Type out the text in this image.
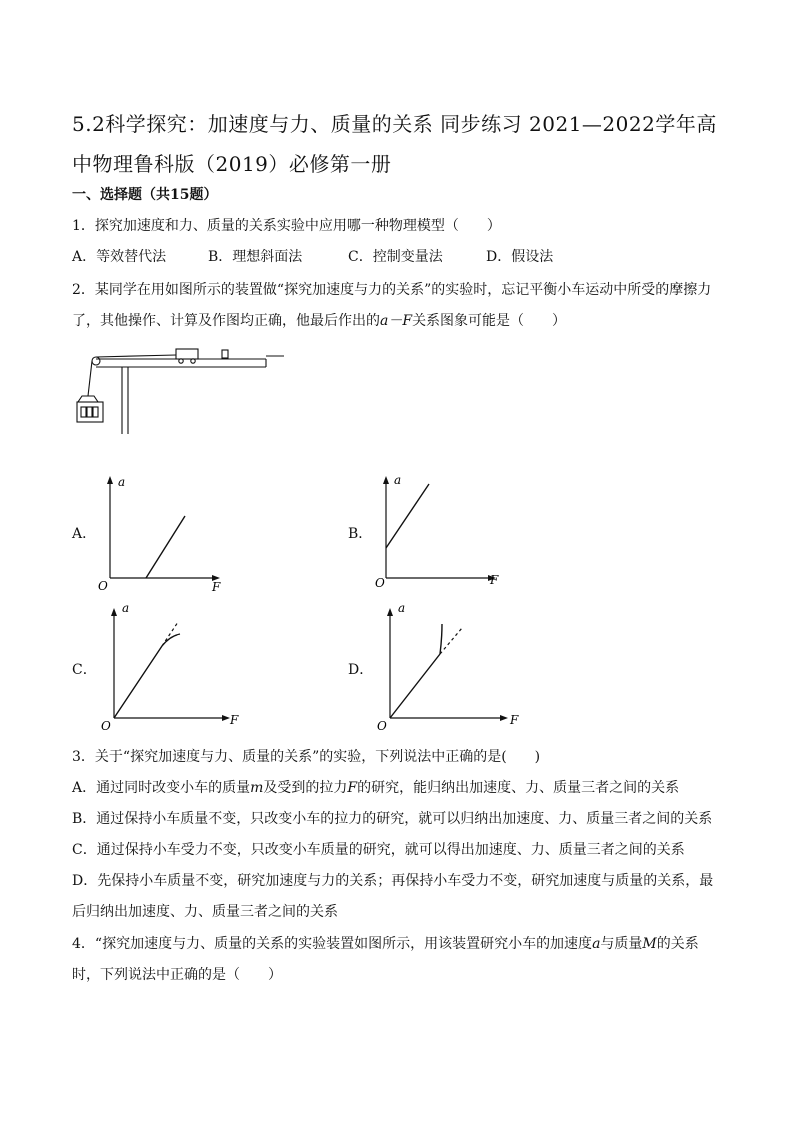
5.2科学探究：加速度与力、质量的关系 同步练习 2021—2022学年高中物理鲁科版（2019）必修第一册
一、选择题（共15题）
1．探究加速度和力、质量的关系实验中应用哪一种物理模型（　　）
A．等效替代法	B．理想斜面法	C．控制变量法	D．假设法
2．某同学在用如图所示的装置做“探究加速度与力的关系”的实验时，忘记平衡小车运动中所受的摩擦力
了，其他操作、计算及作图均正确，他最后作出的a－F关系图象可能是（　　）
A．
a
F
O
B．
a
F
O
C．
a
F
O
D．
a
F
O
3．关于“探究加速度与力、质量的关系”的实验，下列说法中正确的是(　　)
A．通过同时改变小车的质量m及受到的拉力F的研究，能归纳出加速度、力、质量三者之间的关系
B．通过保持小车质量不变，只改变小车的拉力的研究，就可以归纳出加速度、力、质量三者之间的关系
C．通过保持小车受力不变，只改变小车质量的研究，就可以得出加速度、力、质量三者之间的关系
D．先保持小车质量不变，研究加速度与力的关系；再保持小车受力不变，研究加速度与质量的关系，最
后归纳出加速度、力、质量三者之间的关系
4．“探究加速度与力、质量的关系的实验装置如图所示，用该装置研究小车的加速度a与质量M的关系
时，下列说法中正确的是（　　）
